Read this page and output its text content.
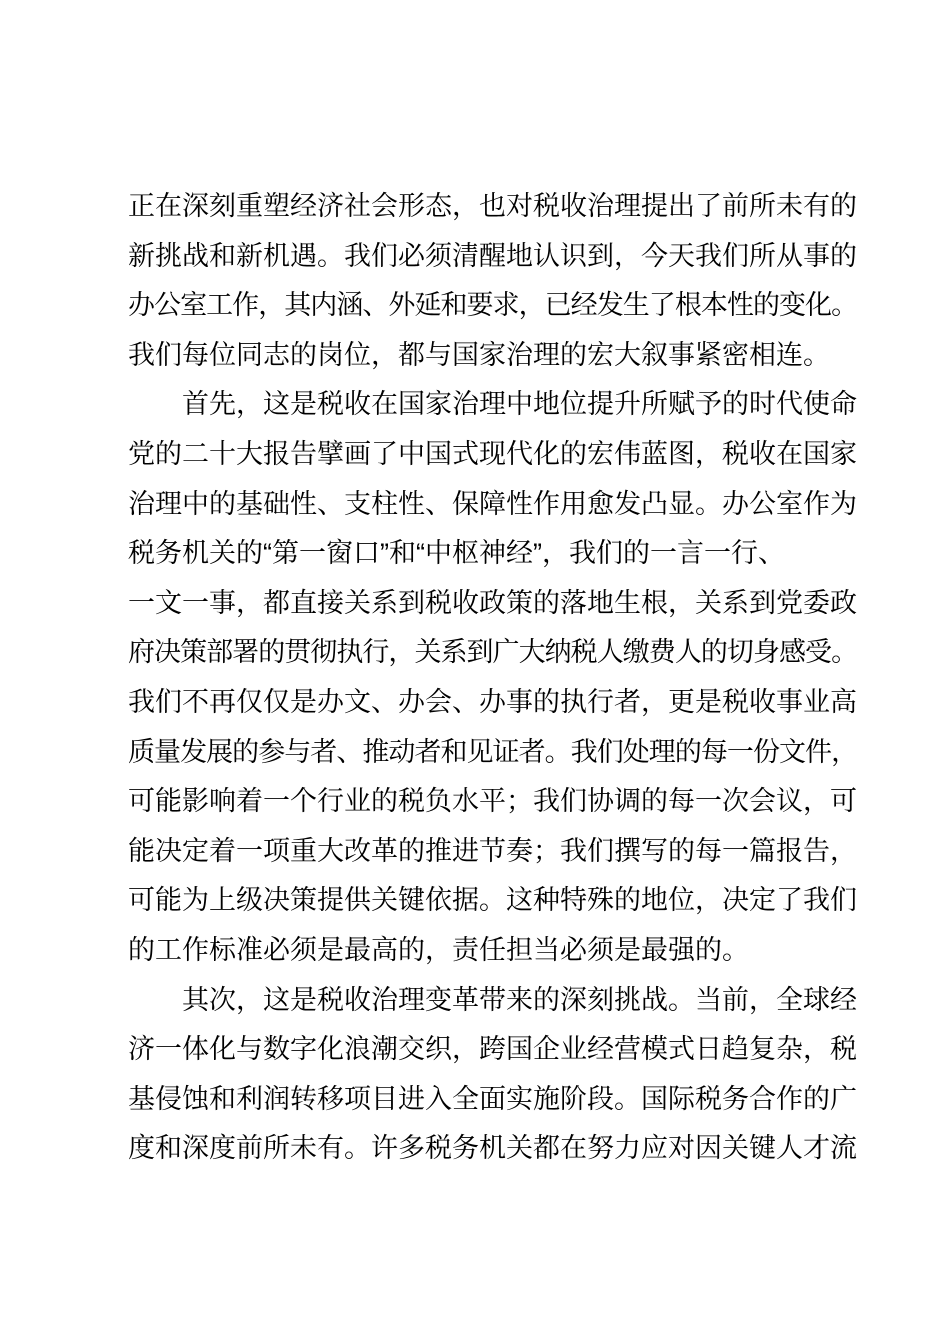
正在深刻重塑经济社会形态，也对税收治理提出了前所未有的
新挑战和新机遇。我们必须清醒地认识到，今天我们所从事的
办公室工作，其内涵、外延和要求，已经发生了根本性的变化。
我们每位同志的岗位，都与国家治理的宏大叙事紧密相连。
首先，这是税收在国家治理中地位提升所赋予的时代使命
党的二十大报告擘画了中国式现代化的宏伟蓝图，税收在国家
治理中的基础性、支柱性、保障性作用愈发凸显。办公室作为
税务机关的“第一窗口”和“中枢神经”，我们的一言一行、
一文一事，都直接关系到税收政策的落地生根，关系到党委政
府决策部署的贯彻执行，关系到广大纳税人缴费人的切身感受。
我们不再仅仅是办文、办会、办事的执行者，更是税收事业高
质量发展的参与者、推动者和见证者。我们处理的每一份文件，
可能影响着一个行业的税负水平；我们协调的每一次会议，可
能决定着一项重大改革的推进节奏；我们撰写的每一篇报告，
可能为上级决策提供关键依据。这种特殊的地位，决定了我们
的工作标准必须是最高的，责任担当必须是最强的。
其次，这是税收治理变革带来的深刻挑战。当前，全球经
济一体化与数字化浪潮交织，跨国企业经营模式日趋复杂，税
基侵蚀和利润转移项目进入全面实施阶段。国际税务合作的广
度和深度前所未有。许多税务机关都在努力应对因关键人才流
